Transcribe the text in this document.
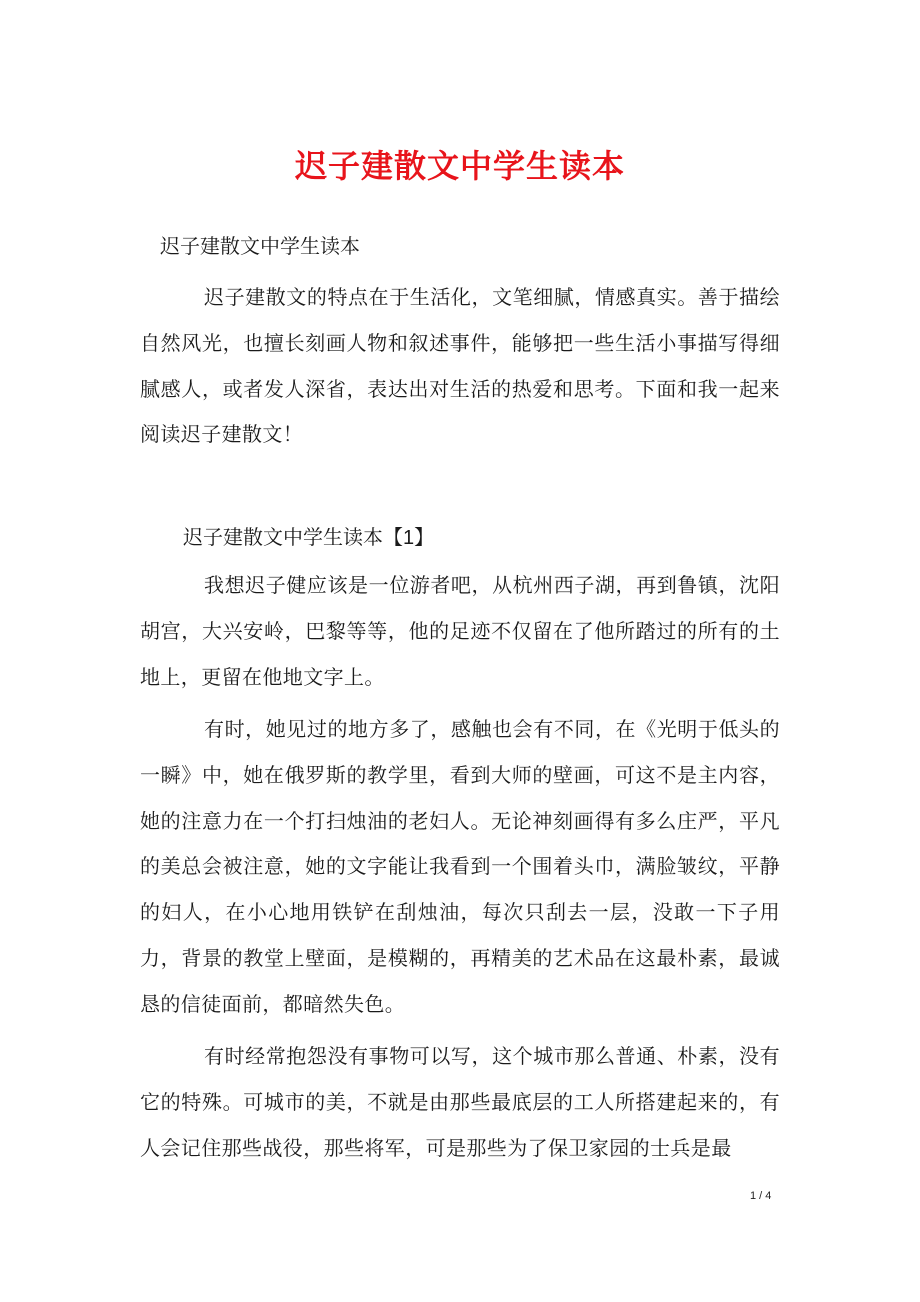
迟子建散文中学生读本
迟子建散文中学生读本
迟子建散文的特点在于生活化，文笔细腻，情感真实。善于描绘自然风光，也擅长刻画人物和叙述事件，能够把一些生活小事描写得细腻感人，或者发人深省，表达出对生活的热爱和思考。下面和我一起来阅读迟子建散文！
迟子建散文中学生读本【1】
我想迟子健应该是一位游者吧，从杭州西子湖，再到鲁镇，沈阳胡宫，大兴安岭，巴黎等等，他的足迹不仅留在了他所踏过的所有的土地上，更留在他地文字上。
有时，她见过的地方多了，感触也会有不同，在《光明于低头的一瞬》中，她在俄罗斯的教学里，看到大师的壁画，可这不是主内容，她的注意力在一个打扫烛油的老妇人。无论神刻画得有多么庄严，平凡的美总会被注意，她的文字能让我看到一个围着头巾，满脸皱纹，平静的妇人，在小心地用铁铲在刮烛油，每次只刮去一层，没敢一下子用力，背景的教堂上壁面，是模糊的，再精美的艺术品在这最朴素，最诚恳的信徒面前，都暗然失色。
有时经常抱怨没有事物可以写，这个城市那么普通、朴素，没有它的特殊。可城市的美，不就是由那些最底层的工人所搭建起来的，有人会记住那些战役，那些将军，可是那些为了保卫家园的士兵是最
1 / 4
